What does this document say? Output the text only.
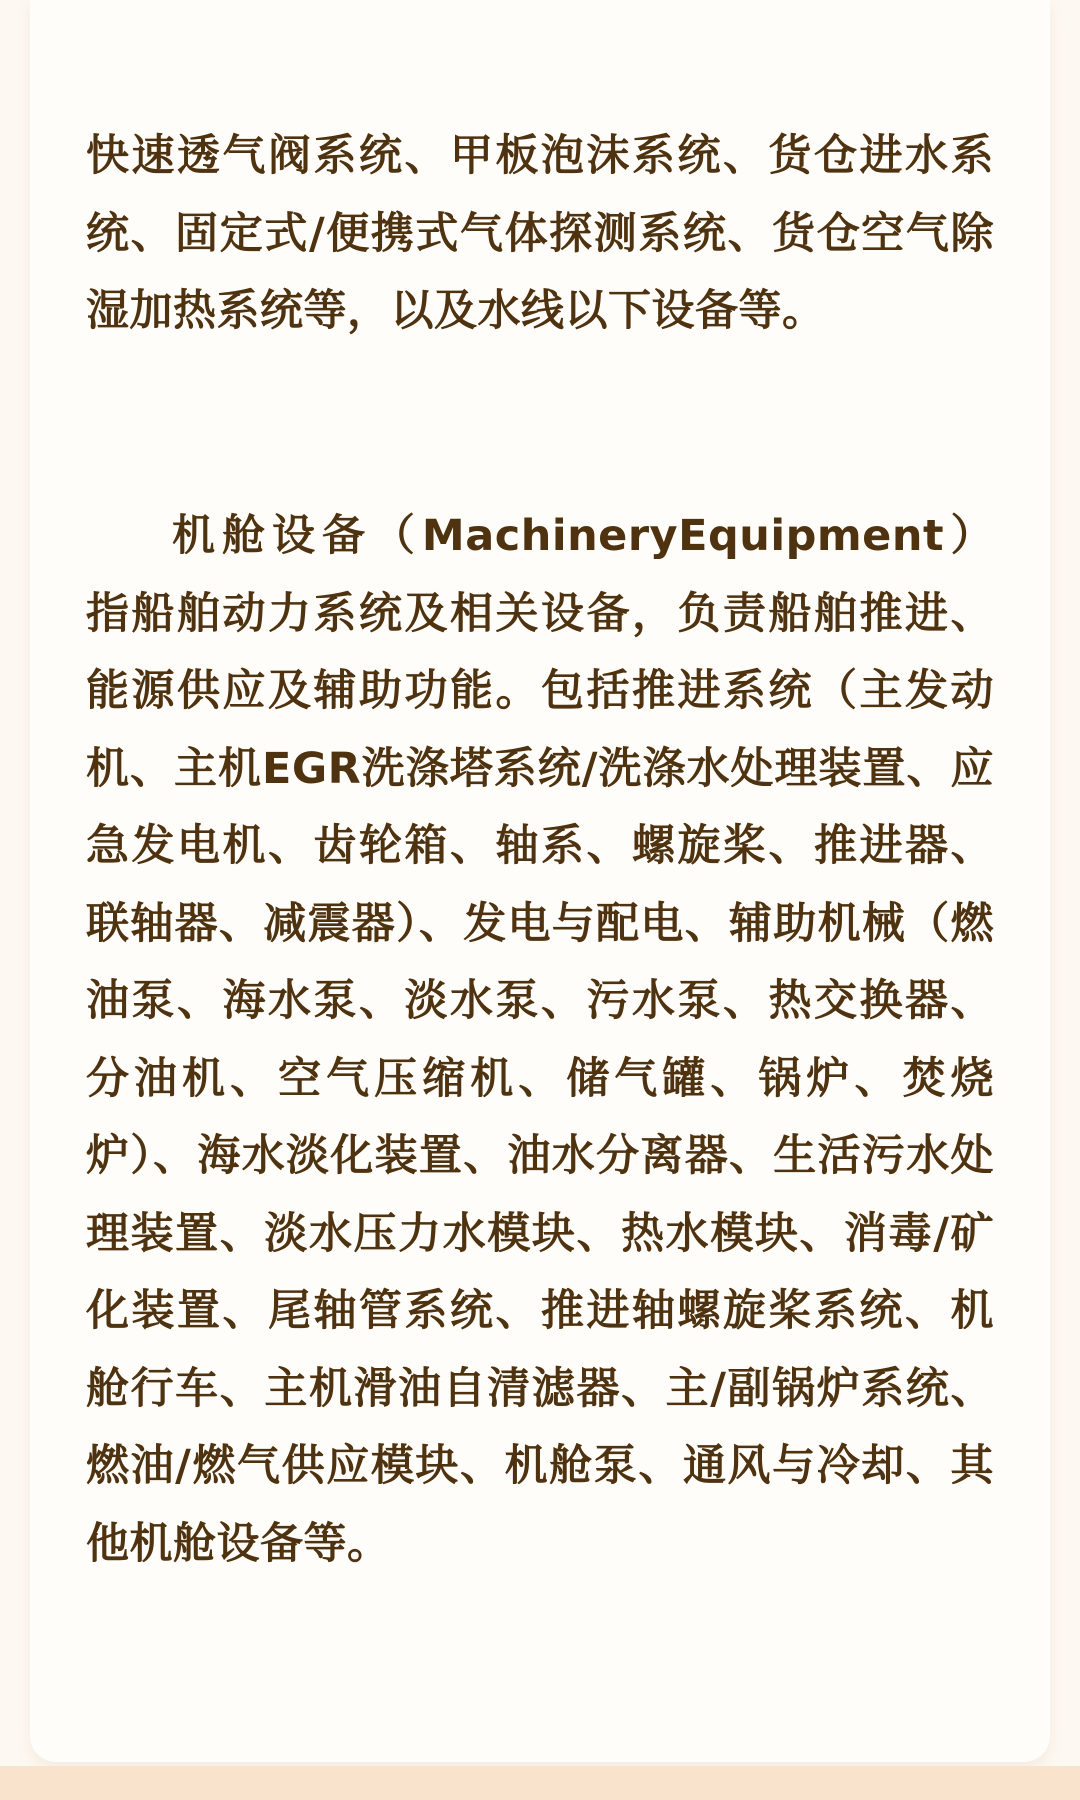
快速透气阀系统、甲板泡沫系统、货仓进水系统、固定式/便携式气体探测系统、货仓空气除湿加热系统等，以及水线以下设备等。

机舱设备（MachineryEquipment）指船舶动力系统及相关设备，负责船舶推进、能源供应及辅助功能。包括推进系统（主发动机、主机EGR洗涤塔系统/洗涤水处理装置、应急发电机、齿轮箱、轴系、螺旋桨、推进器、联轴器、减震器）、发电与配电、辅助机械（燃油泵、海水泵、淡水泵、污水泵、热交换器、分油机、空气压缩机、储气罐、锅炉、焚烧炉）、海水淡化装置、油水分离器、生活污水处理装置、淡水压力水模块、热水模块、消毒/矿化装置、尾轴管系统、推进轴螺旋桨系统、机舱行车、主机滑油自清滤器、主/副锅炉系统、燃油/燃气供应模块、机舱泵、通风与冷却、其他机舱设备等。
